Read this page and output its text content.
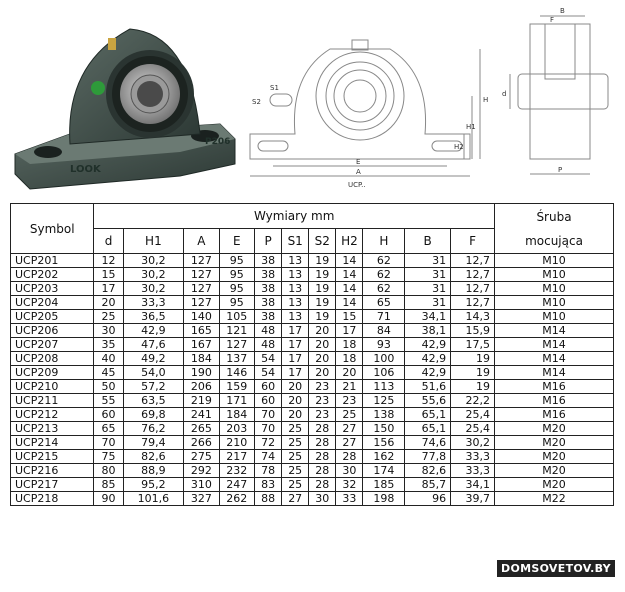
LOOK
P206
B
F
S1
S2	H
H1
H2
d
E
A	P
UCP..
Symbol	Wymiary mm											Śruba

mocująca
	d	H1	A	E	P	S1	S2	H2	H	B	F	
UCP201	12	30,2	127	95	38	13	19	14	62	31	12,7	M10
UCP202	15	30,2	127	95	38	13	19	14	62	31	12,7	M10
UCP203	17	30,2	127	95	38	13	19	14	62	31	12,7	M10
UCP204	20	33,3	127	95	38	13	19	14	65	31	12,7	M10
UCP205	25	36,5	140	105	38	13	19	15	71	34,1	14,3	M10
UCP206	30	42,9	165	121	48	17	20	17	84	38,1	15,9	M14
UCP207	35	47,6	167	127	48	17	20	18	93	42,9	17,5	M14
UCP208	40	49,2	184	137	54	17	20	18	100	42,9	19	M14
UCP209	45	54,0	190	146	54	17	20	20	106	42,9	19	M14
UCP210	50	57,2	206	159	60	20	23	21	113	51,6	19	M16
UCP211	55	63,5	219	171	60	20	23	23	125	55,6	22,2	M16
UCP212	60	69,8	241	184	70	20	23	25	138	65,1	25,4	M16
UCP213	65	76,2	265	203	70	25	28	27	150	65,1	25,4	M20
UCP214	70	79,4	266	210	72	25	28	27	156	74,6	30,2	M20
UCP215	75	82,6	275	217	74	25	28	28	162	77,8	33,3	M20
UCP216	80	88,9	292	232	78	25	28	30	174	82,6	33,3	M20
UCP217	85	95,2	310	247	83	25	28	32	185	85,7	34,1	M20
UCP218	90	101,6	327	262	88	27	30	33	198	96	39,7	M22
DOMSOVETOV.BY
